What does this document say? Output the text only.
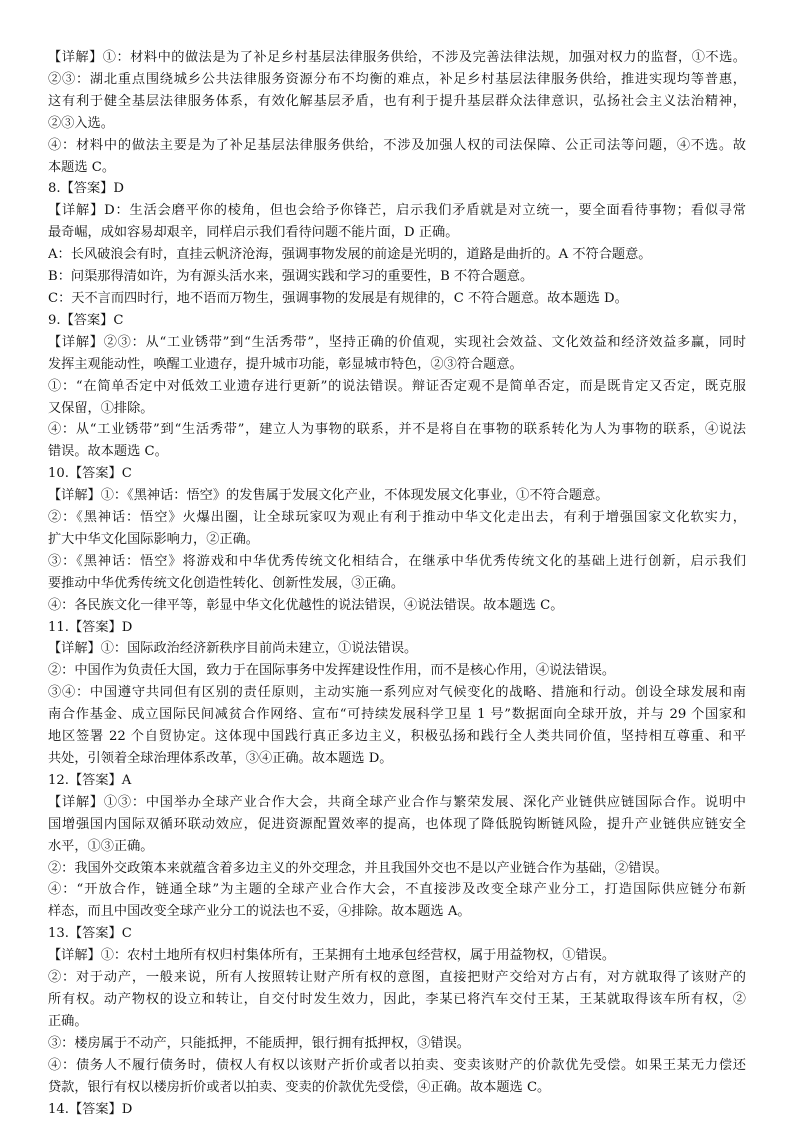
【详解】①：材料中的做法是为了补足乡村基层法律服务供给，不涉及完善法律法规，加强对权力的监督，①不选。
②③：湖北重点围绕城乡公共法律服务资源分布不均衡的难点，补足乡村基层法律服务供给，推进实现均等普惠，
这有利于健全基层法律服务体系，有效化解基层矛盾，也有利于提升基层群众法律意识，弘扬社会主义法治精神，
②③入选。
④：材料中的做法主要是为了补足基层法律服务供给，不涉及加强人权的司法保障、公正司法等问题，④不选。故
本题选 C。
8.【答案】D
【详解】D：生活会磨平你的棱角，但也会给予你锋芒，启示我们矛盾就是对立统一，要全面看待事物；看似寻常
最奇崛，成如容易却艰辛，同样启示我们看待问题不能片面，D 正确。
A：长风破浪会有时，直挂云帆济沧海，强调事物发展的前途是光明的，道路是曲折的。A 不符合题意。
B：问渠那得清如许，为有源头活水来，强调实践和学习的重要性，B 不符合题意。
C：天不言而四时行，地不语而万物生，强调事物的发展是有规律的，C 不符合题意。故本题选 D。
9.【答案】C
【详解】②③：从“工业锈带”到“生活秀带”，坚持正确的价值观，实现社会效益、文化效益和经济效益多赢，同时
发挥主观能动性，唤醒工业遗存，提升城市功能，彰显城市特色，②③符合题意。
①：“在简单否定中对低效工业遗存进行更新”的说法错误。辩证否定观不是简单否定，而是既肯定又否定，既克服
又保留，①排除。
④：从“工业锈带”到“生活秀带”，建立人为事物的联系，并不是将自在事物的联系转化为人为事物的联系，④说法
错误。故本题选 C。
10.【答案】C
【详解】①：《黑神话：悟空》的发售属于发展文化产业，不体现发展文化事业，①不符合题意。
②：《黑神话：悟空》火爆出圈，让全球玩家叹为观止有利于推动中华文化走出去，有利于增强国家文化软实力，
扩大中华文化国际影响力，②正确。
③：《黑神话：悟空》将游戏和中华优秀传统文化相结合，在继承中华优秀传统文化的基础上进行创新，启示我们
要推动中华优秀传统文化创造性转化、创新性发展，③正确。
④：各民族文化一律平等，彰显中华文化优越性的说法错误，④说法错误。故本题选 C。
11.【答案】D
【详解】①：国际政治经济新秩序目前尚未建立，①说法错误。
②：中国作为负责任大国，致力于在国际事务中发挥建设性作用，而不是核心作用，④说法错误。
③④：中国遵守共同但有区别的责任原则，主动实施一系列应对气候变化的战略、措施和行动。创设全球发展和南
南合作基金、成立国际民间减贫合作网络、宣布“可持续发展科学卫星 1 号”数据面向全球开放，并与 29 个国家和
地区签署 22 个自贸协定。这体现中国践行真正多边主义，积极弘扬和践行全人类共同价值，坚持相互尊重、和平
共处，引领着全球治理体系改革，③④正确。故本题选 D。
12.【答案】A
【详解】①③：中国举办全球产业合作大会，共商全球产业合作与繁荣发展、深化产业链供应链国际合作。说明中
国增强国内国际双循环联动效应，促进资源配置效率的提高，也体现了降低脱钩断链风险，提升产业链供应链安全
水平，①③正确。
②：我国外交政策本来就蕴含着多边主义的外交理念，并且我国外交也不是以产业链合作为基础，②错误。
④：“开放合作，链通全球”为主题的全球产业合作大会，不直接涉及改变全球产业分工，打造国际供应链分布新
样态，而且中国改变全球产业分工的说法也不妥，④排除。故本题选 A。
13.【答案】C
【详解】①：农村土地所有权归村集体所有，王某拥有土地承包经营权，属于用益物权，①错误。
②：对于动产，一般来说，所有人按照转让财产所有权的意图，直接把财产交给对方占有，对方就取得了该财产的
所有权。动产物权的设立和转让，自交付时发生效力，因此，李某已将汽车交付王某，王某就取得该车所有权，②
正确。
③：楼房属于不动产，只能抵押，不能质押，银行拥有抵押权，③错误。
④：债务人不履行债务时，债权人有权以该财产折价或者以拍卖、变卖该财产的价款优先受偿。如果王某无力偿还
贷款，银行有权以楼房折价或者以拍卖、变卖的价款优先受偿，④正确。故本题选 C。
14.【答案】D
